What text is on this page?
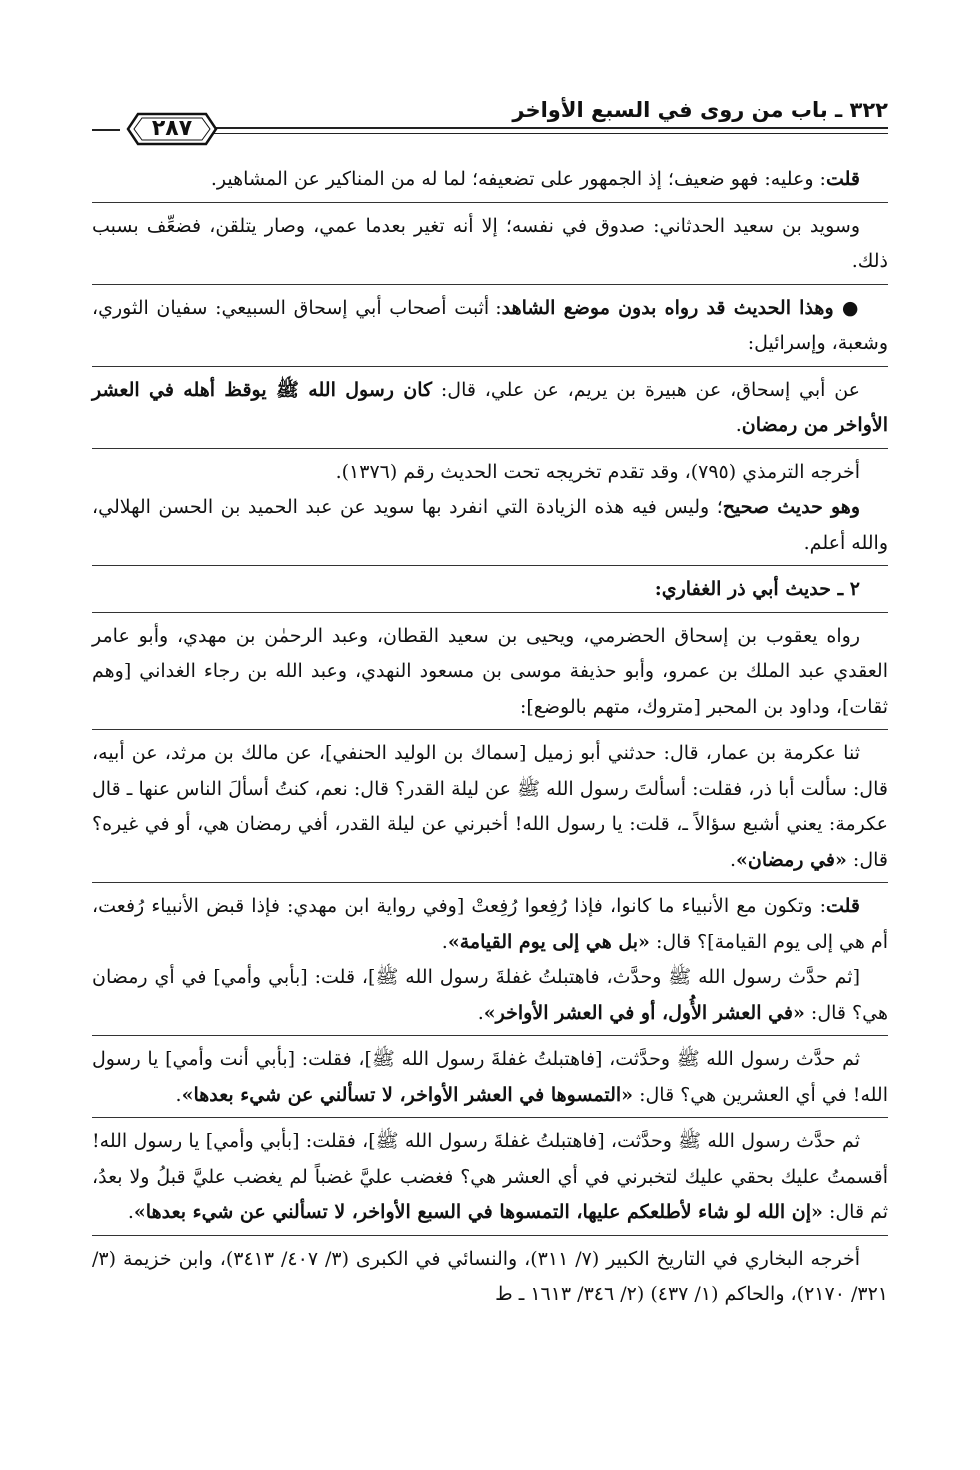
٣٢٢ ـ باب من روى في السبع الأواخر
٢٨٧
قلت: وعليه: فهو ضعيف؛ إذ الجمهور على تضعيفه؛ لما له من المناكير عن المشاهير.
وسويد بن سعيد الحدثاني: صدوق في نفسه؛ إلا أنه تغير بعدما عمي، وصار يتلقن، فضعِّف بسبب ذلك.
● وهذا الحديث قد رواه بدون موضع الشاهد: أثبت أصحاب أبي إسحاق السبيعي: سفيان الثوري، وشعبة، وإسرائيل:
عن أبي إسحاق، عن هبيرة بن يريم، عن علي، قال: كان رسول الله ﷺ يوقظ أهله في العشر الأواخر من رمضان.
أخرجه الترمذي (٧٩٥)، وقد تقدم تخريجه تحت الحديث رقم (١٣٧٦).
وهو حديث صحيح؛ وليس فيه هذه الزيادة التي انفرد بها سويد عن عبد الحميد بن الحسن الهلالي، والله أعلم.
٢ ـ حديث أبي ذر الغفاري:
رواه يعقوب بن إسحاق الحضرمي، ويحيى بن سعيد القطان، وعبد الرحمٰن بن مهدي، وأبو عامر العقدي عبد الملك بن عمرو، وأبو حذيفة موسى بن مسعود النهدي، وعبد الله بن رجاء الغداني [وهم ثقات]، وداود بن المحبر [متروك، متهم بالوضع]:
ثنا عكرمة بن عمار، قال: حدثني أبو زميل [سماك بن الوليد الحنفي]، عن مالك بن مرثد، عن أبيه، قال: سألت أبا ذر، فقلت: أسألتَ رسول الله ﷺ عن ليلة القدر؟ قال: نعم، كنتُ أسألَ الناس عنها ـ قال عكرمة: يعني أشبع سؤالاً ـ، قلت: يا رسول الله! أخبرني عن ليلة القدر، أفي رمضان هي، أو في غيره؟ قال: «في رمضان».
قلت: وتكون مع الأنبياء ما كانوا، فإذا رُفِعوا رُفِعتْ [وفي رواية ابن مهدي: فإذا قبض الأنبياء رُفعت، أم هي إلى يوم القيامة]؟ قال: «بل هي إلى يوم القيامة».
[ثم حدَّث رسول الله ﷺ وحدَّث، فاهتبلتُ غفلةَ رسول الله ﷺ]، قلت: [بأبي وأمي] في أي رمضان هي؟ قال: «في العشر الأُول، أو في العشر الأواخر».
ثم حدَّث رسول الله ﷺ وحدَّثت، [فاهتبلتُ غفلةَ رسول الله ﷺ]، فقلت: [بأبي أنت وأمي] يا رسول الله! في أي العشرين هي؟ قال: «التمسوها في العشر الأواخر، لا تسألني عن شيء بعدها».
ثم حدَّث رسول الله ﷺ وحدَّثت، [فاهتبلتُ غفلةَ رسول الله ﷺ]، فقلت: [بأبي وأمي] يا رسول الله! أقسمتُ عليك بحقي عليك لتخبرني في أي العشر هي؟ فغضب عليَّ غضباً لم يغضب عليَّ قبلُ ولا بعدُ، ثم قال: «إن الله لو شاء لأطلعكم عليها، التمسوها في السبع الأواخر، لا تسألني عن شيء بعدها».
أخرجه البخاري في التاريخ الكبير (٧/ ٣١١)، والنسائي في الكبرى (٣/ ٤٠٧/ ٣٤١٣)، وابن خزيمة (٣/ ٣٢١/ ٢١٧٠)، والحاكم (١/ ٤٣٧) (٢/ ٣٤٦/ ١٦١٣ ـ ط
